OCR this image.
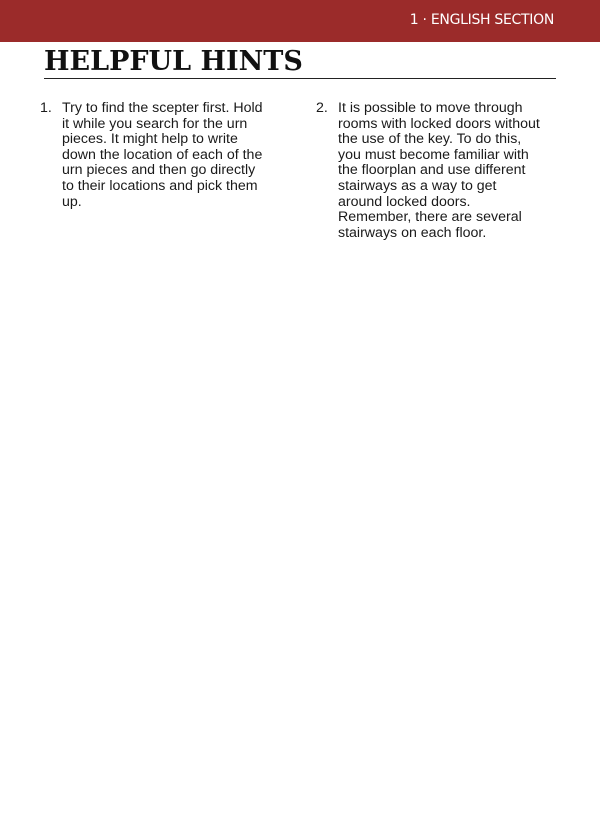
1 · ENGLISH SECTION
HELPFUL HINTS
1. Try to find the scepter first. Hold
it while you search for the urn
pieces. It might help to write
down the location of each of the
urn pieces and then go directly
to their locations and pick them
up.
2. It is possible to move through
rooms with locked doors without
the use of the key. To do this,
you must become familiar with
the floorplan and use different
stairways as a way to get
around locked doors.
Remember, there are several
stairways on each floor.
